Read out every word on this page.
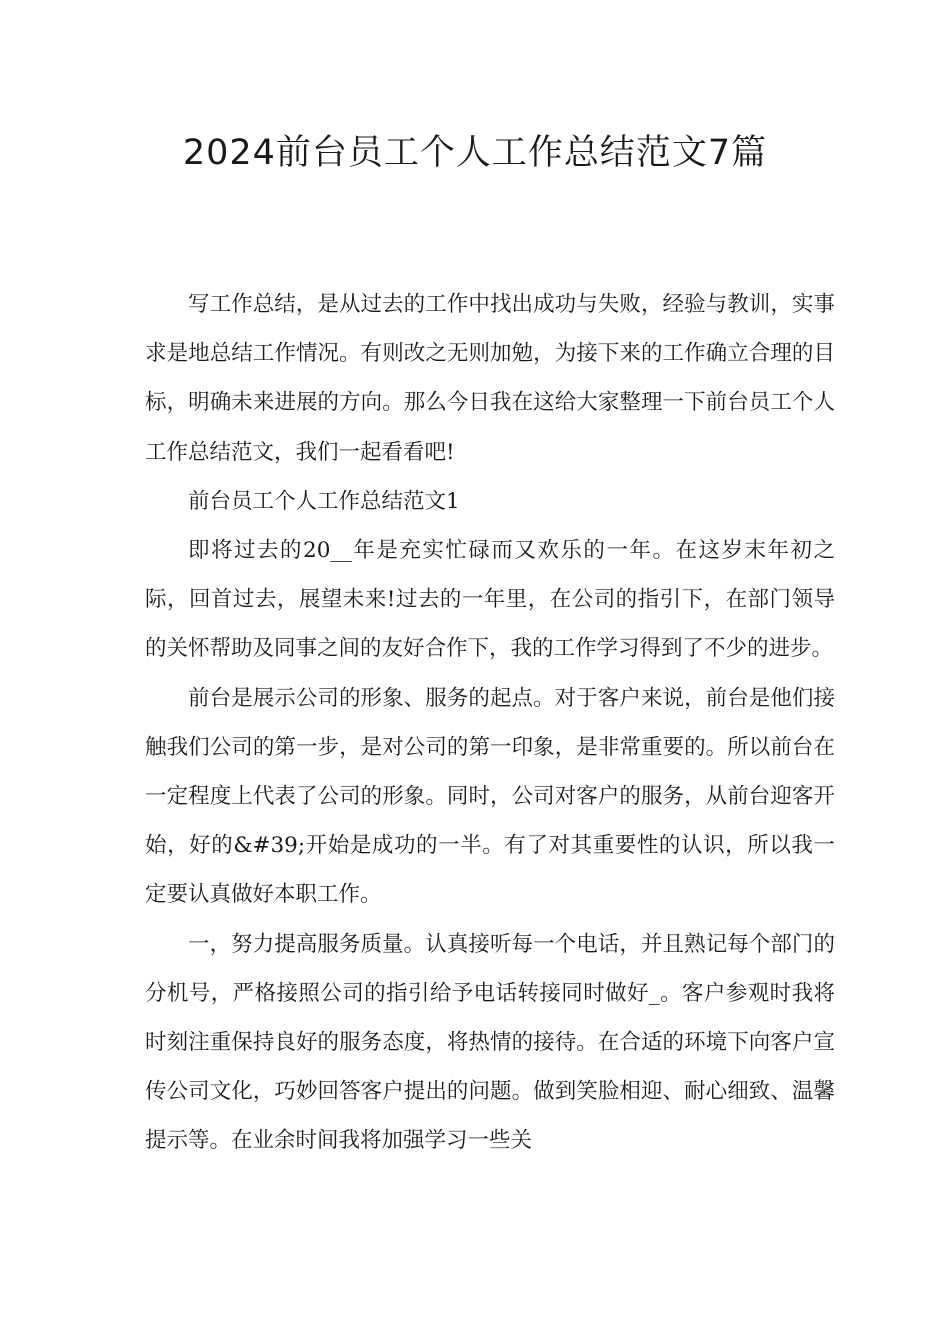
2024前台员工个人工作总结范文7篇

写工作总结，是从过去的工作中找出成功与失败，经验与教训，实事求是地总结工作情况。有则改之无则加勉，为接下来的工作确立合理的目标，明确未来进展的方向。那么今日我在这给大家整理一下前台员工个人工作总结范文，我们一起看看吧!

前台员工个人工作总结范文1

即将过去的20__年是充实忙碌而又欢乐的一年。在这岁末年初之际，回首过去，展望未来!过去的一年里，在公司的指引下，在部门领导的关怀帮助及同事之间的友好合作下，我的工作学习得到了不少的进步。

前台是展示公司的形象、服务的起点。对于客户来说，前台是他们接触我们公司的第一步，是对公司的第一印象，是非常重要的。所以前台在一定程度上代表了公司的形象。同时，公司对客户的服务，从前台迎客开始，好的&#39;开始是成功的一半。有了对其重要性的认识，所以我一定要认真做好本职工作。

一，努力提高服务质量。认真接听每一个电话，并且熟记每个部门的分机号，严格接照公司的指引给予电话转接同时做好_。客户参观时我将时刻注重保持良好的服务态度，将热情的接待。在合适的环境下向客户宣传公司文化，巧妙回答客户提出的问题。做到笑脸相迎、耐心细致、温馨提示等。在业余时间我将加强学习一些关
